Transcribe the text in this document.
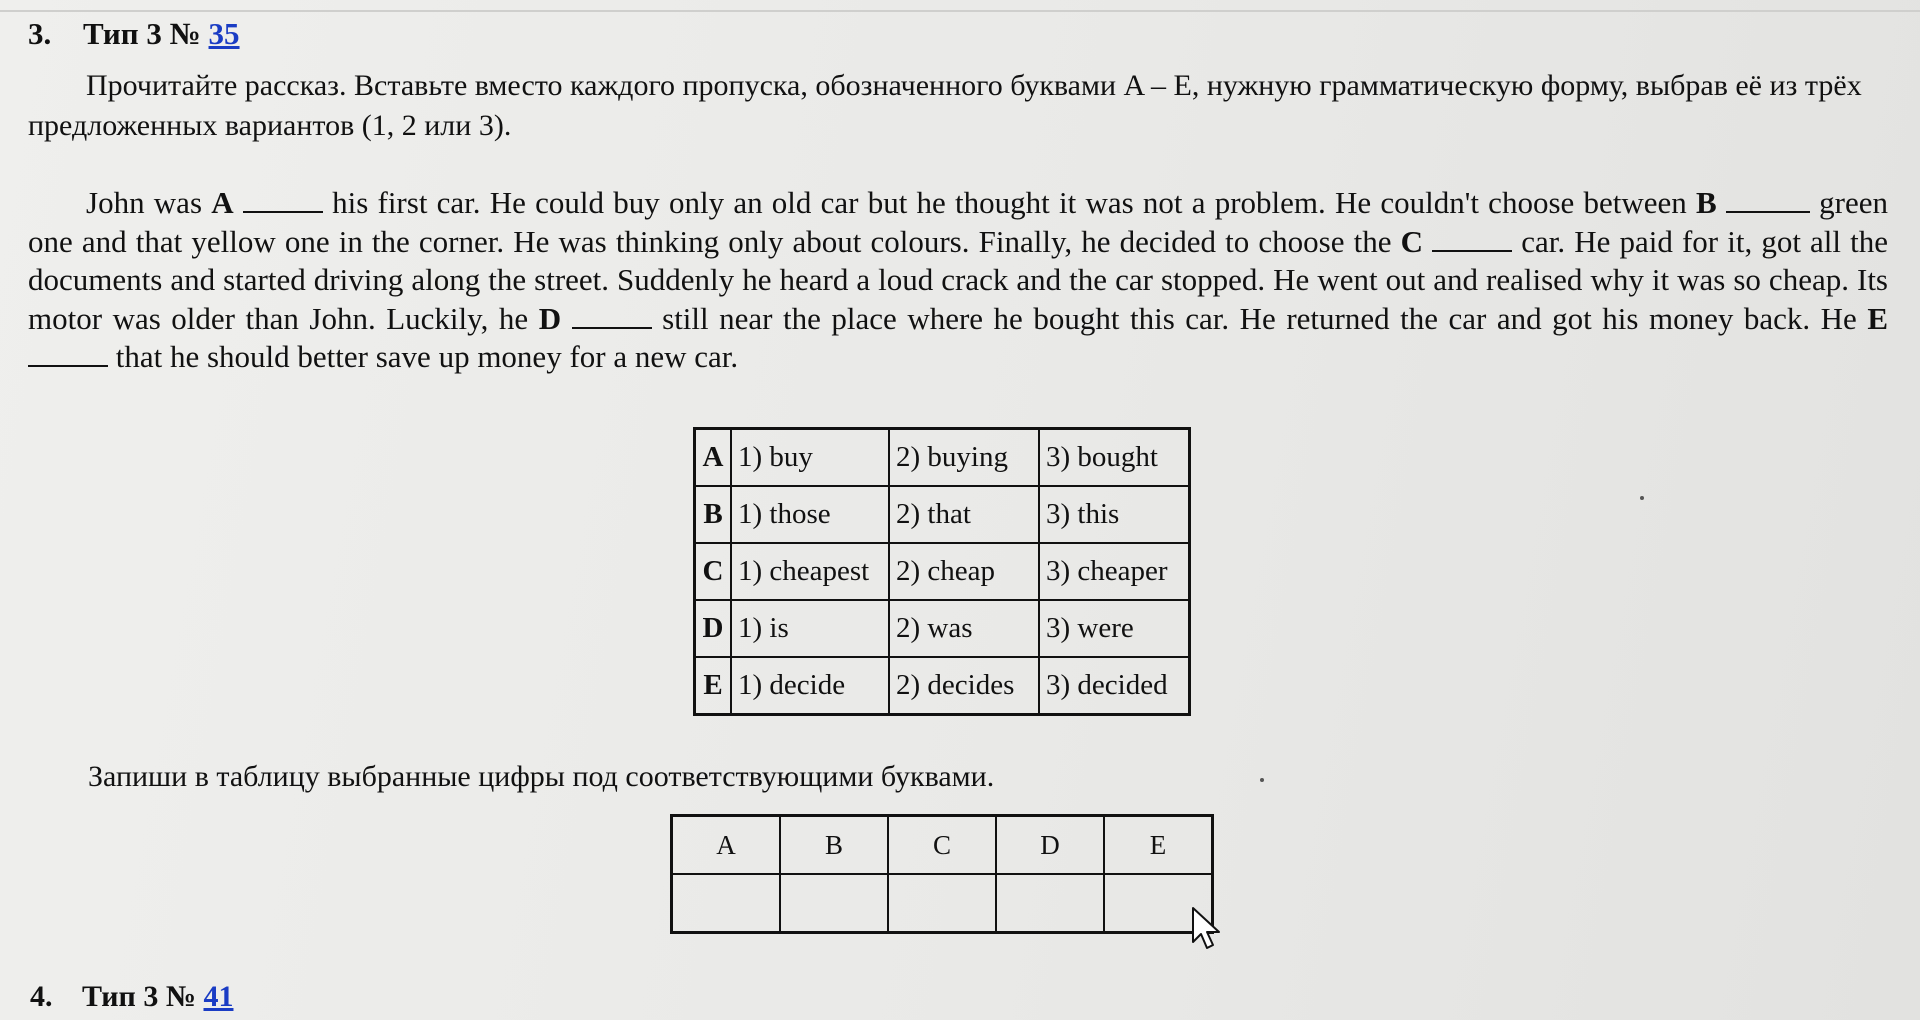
3. Тип 3 № 35
Прочитайте рассказ. Вставьте вместо каждого пропуска, обозначенного буквами A – E, нужную грамматическую форму, выбрав её из трёх предложенных вариантов (1, 2 или 3).
John was A	his first car. He could buy only an old car but he thought it was not a problem. He couldn't choose between B	green one and that yellow one in the corner. He was thinking only about colours. Finally, he decided to choose the C	car. He paid for it, got all the documents and started driving along the street. Suddenly he heard a loud crack and the car stopped. He went out and realised why it was so cheap. Its motor was older than John. Luckily, he D	still near the place where he bought this car. He returned the car and got his money back. He E  that he should better save up money for a new car.
A	1) buy	2) buying	3) bought
B	1) those	2) that	3) this
C	1) cheapest	2) cheap	3) cheaper
D	1) is	2) was	3) were
E	1) decide	2) decides	3) decided
Запиши в таблицу выбранные цифры под соответствующими буквами.
A	B	C	D	E

4. Тип 3 № 41
